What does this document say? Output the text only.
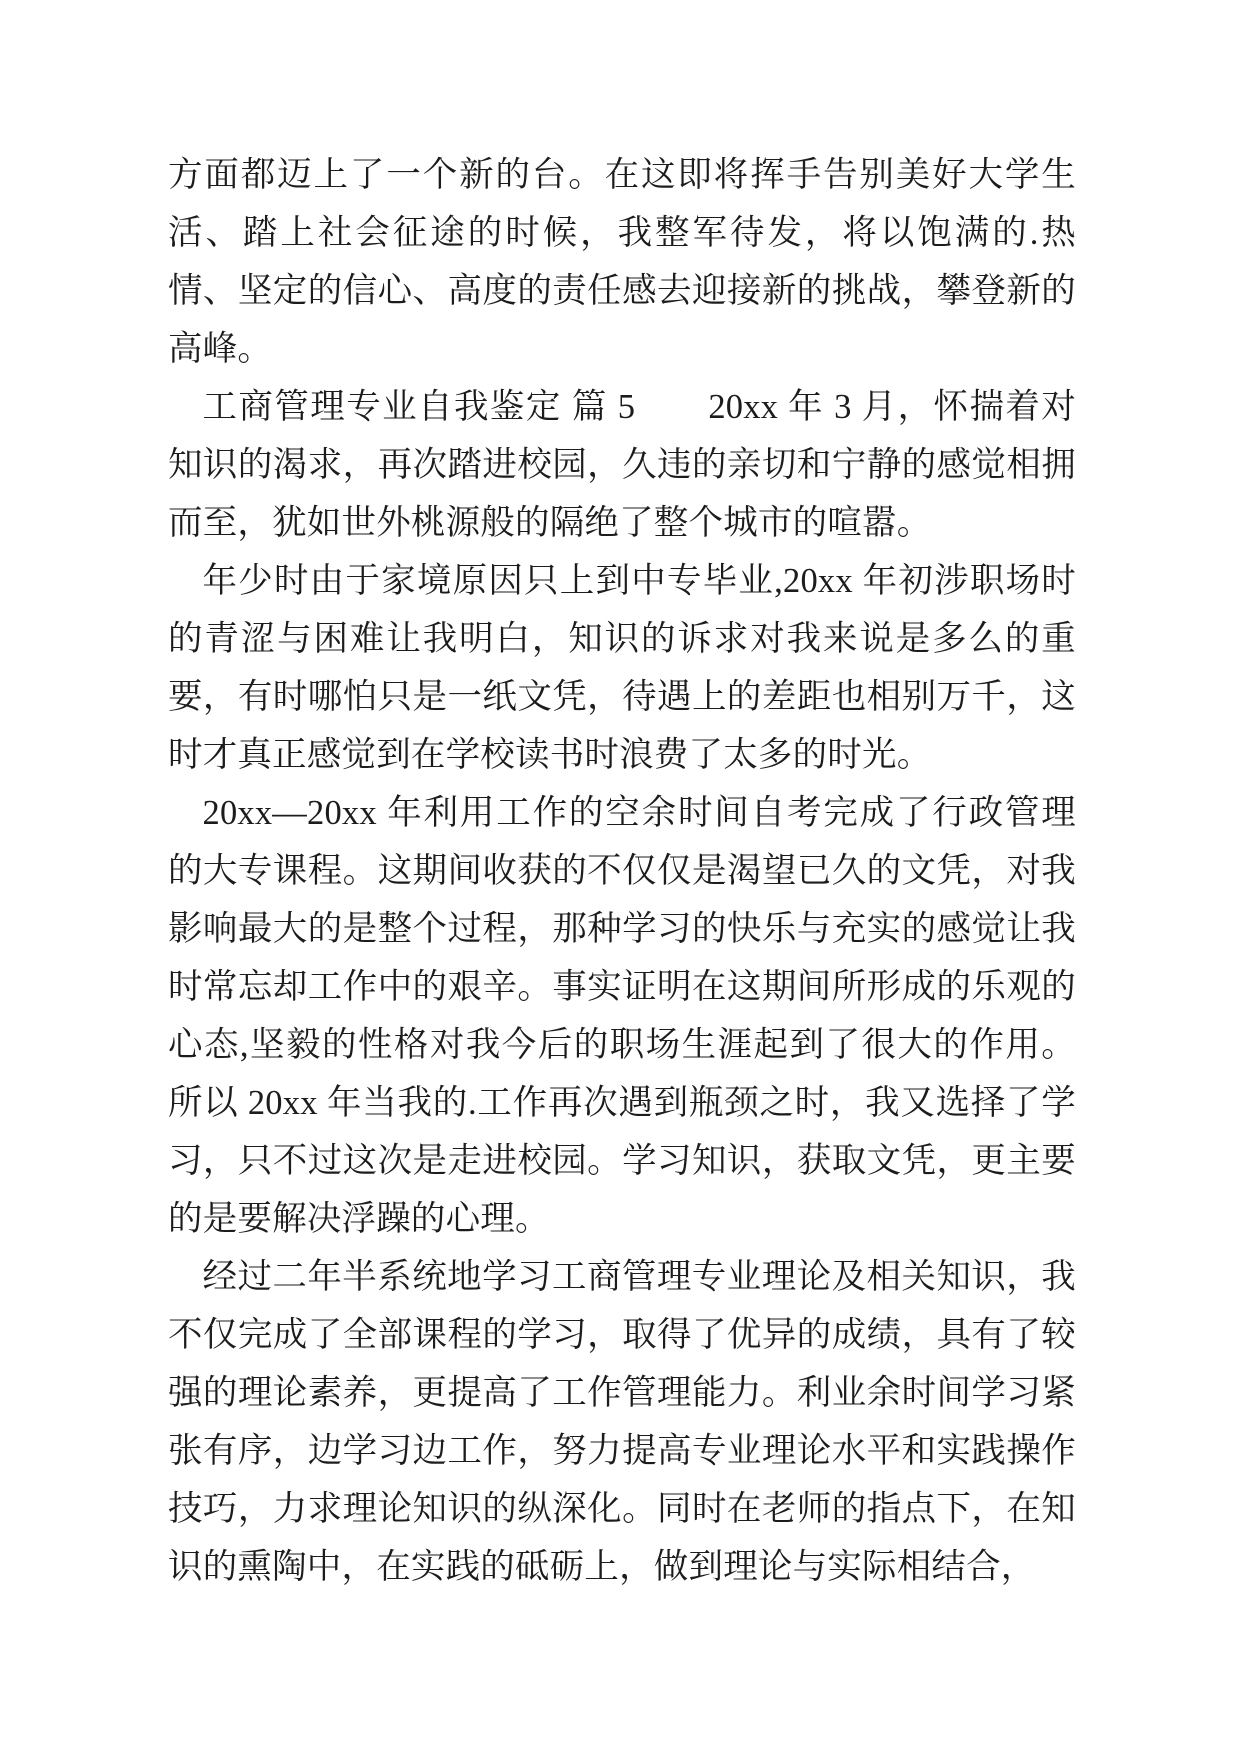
方面都迈上了一个新的台。在这即将挥手告别美好大学生活、踏上社会征途的时候，我整军待发，将以饱满的.热情、坚定的信心、高度的责任感去迎接新的挑战，攀登新的高峰。

工商管理专业自我鉴定 篇 5　　20xx 年 3 月，怀揣着对知识的渴求，再次踏进校园，久违的亲切和宁静的感觉相拥而至，犹如世外桃源般的隔绝了整个城市的喧嚣。

年少时由于家境原因只上到中专毕业,20xx 年初涉职场时的青涩与困难让我明白，知识的诉求对我来说是多么的重要，有时哪怕只是一纸文凭，待遇上的差距也相别万千，这时才真正感觉到在学校读书时浪费了太多的时光。

20xx—20xx 年利用工作的空余时间自考完成了行政管理的大专课程。这期间收获的不仅仅是渴望已久的文凭，对我影响最大的是整个过程，那种学习的快乐与充实的感觉让我时常忘却工作中的艰辛。事实证明在这期间所形成的乐观的心态,坚毅的性格对我今后的职场生涯起到了很大的作用。所以 20xx 年当我的.工作再次遇到瓶颈之时，我又选择了学习，只不过这次是走进校园。学习知识，获取文凭，更主要的是要解决浮躁的心理。

经过二年半系统地学习工商管理专业理论及相关知识，我不仅完成了全部课程的学习，取得了优异的成绩，具有了较强的理论素养，更提高了工作管理能力。利业余时间学习紧张有序，边学习边工作，努力提高专业理论水平和实践操作技巧，力求理论知识的纵深化。同时在老师的指点下，在知识的熏陶中，在实践的砥砺上，做到理论与实际相结合，
